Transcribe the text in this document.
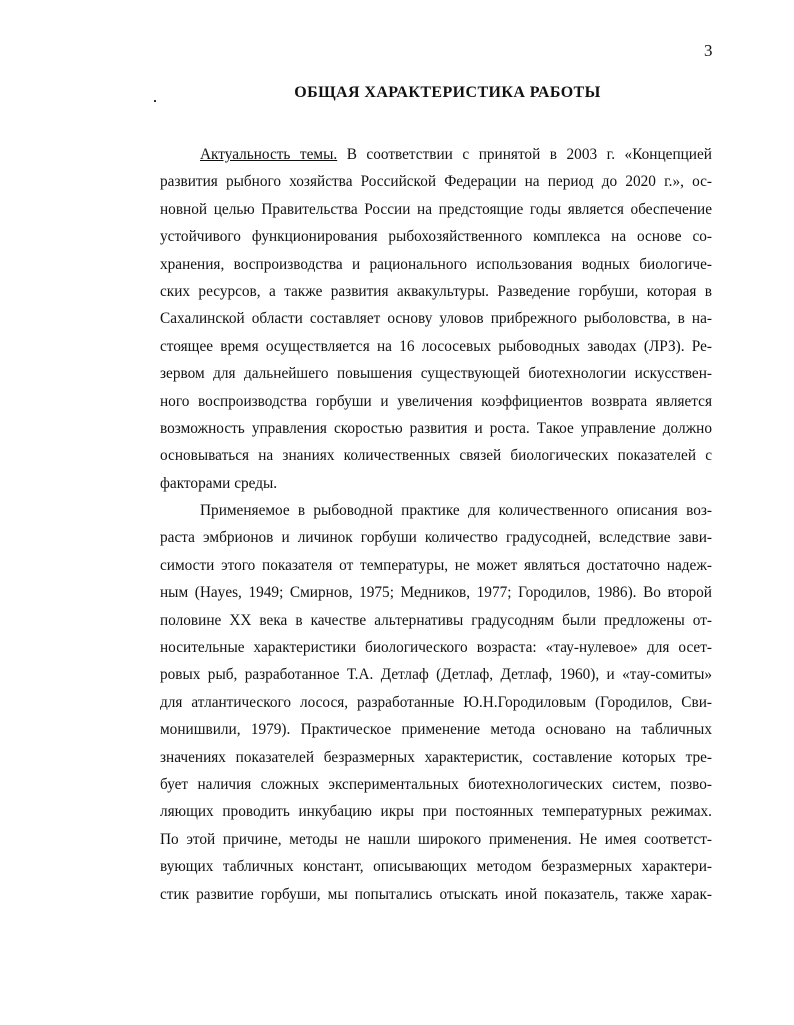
3
ОБЩАЯ ХАРАКТЕРИСТИКА РАБОТЫ
Актуальность темы. В соответствии с принятой в 2003 г. «Концепцией
развития рыбного хозяйства Российской Федерации на период до 2020 г.», ос-
новной целью Правительства России на предстоящие годы является обеспечение
устойчивого функционирования рыбохозяйственного комплекса на основе со-
хранения, воспроизводства и рационального использования водных биологиче-
ских ресурсов, а также развития аквакультуры. Разведение горбуши, которая в
Сахалинской области составляет основу уловов прибрежного рыболовства, в на-
стоящее время осуществляется на 16 лососевых рыбоводных заводах (ЛРЗ). Ре-
зервом для дальнейшего повышения существующей биотехнологии искусствен-
ного воспроизводства горбуши и увеличения коэффициентов возврата является
возможность управления скоростью развития и роста. Такое управление должно
основываться на знаниях количественных связей биологических показателей с
факторами среды.
Применяемое в рыбоводной практике для количественного описания воз-
раста эмбрионов и личинок горбуши количество градусодней, вследствие зави-
симости этого показателя от температуры, не может являться достаточно надеж-
ным (Hayes, 1949; Смирнов, 1975; Медников, 1977; Городилов, 1986). Во второй
половине XX века в качестве альтернативы градусодням были предложены от-
носительные характеристики биологического возраста: «тау-нулевое» для осет-
ровых рыб, разработанное Т.А. Детлаф (Детлаф, Детлаф, 1960), и «тау-сомиты»
для атлантического лосося, разработанные Ю.Н.Городиловым (Городилов, Сви-
монишвили, 1979). Практическое применение метода основано на табличных
значениях показателей безразмерных характеристик, составление которых тре-
бует наличия сложных экспериментальных биотехнологических систем, позво-
ляющих проводить инкубацию икры при постоянных температурных режимах.
По этой причине, методы не нашли широкого применения. Не имея соответст-
вующих табличных констант, описывающих методом безразмерных характери-
стик развитие горбуши, мы попытались отыскать иной показатель, также харак-
